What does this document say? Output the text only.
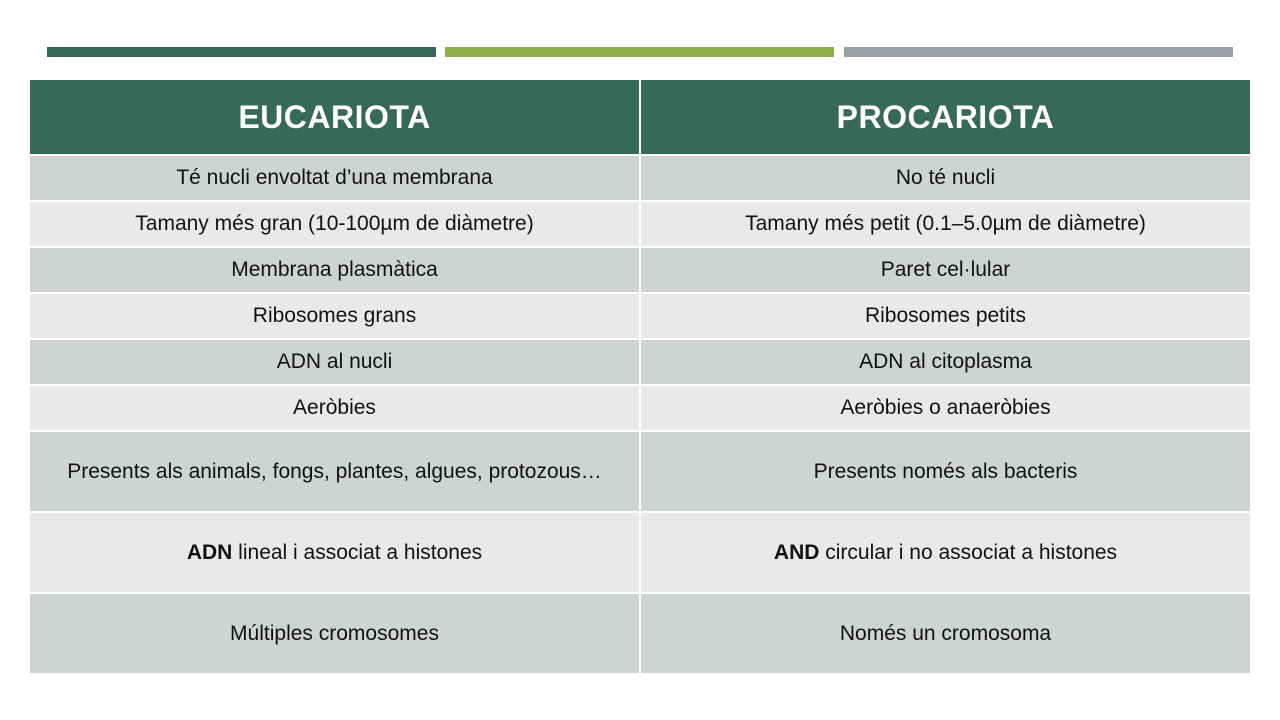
EUCARIOTA	PROCARIOTA
Té nucli envoltat d’una membrana	No té nucli
Tamany més gran (10-100µm de diàmetre)	Tamany més petit (0.1–5.0µm de diàmetre)
Membrana plasmàtica	Paret cel·lular
Ribosomes grans	Ribosomes petits
ADN al nucli	ADN al citoplasma
Aeròbies	Aeròbies o anaeròbies
Presents als animals, fongs, plantes, algues, protozous…	Presents només als bacteris
ADN lineal i associat a histones	AND circular i no associat a histones
Múltiples cromosomes	Només un cromosoma
